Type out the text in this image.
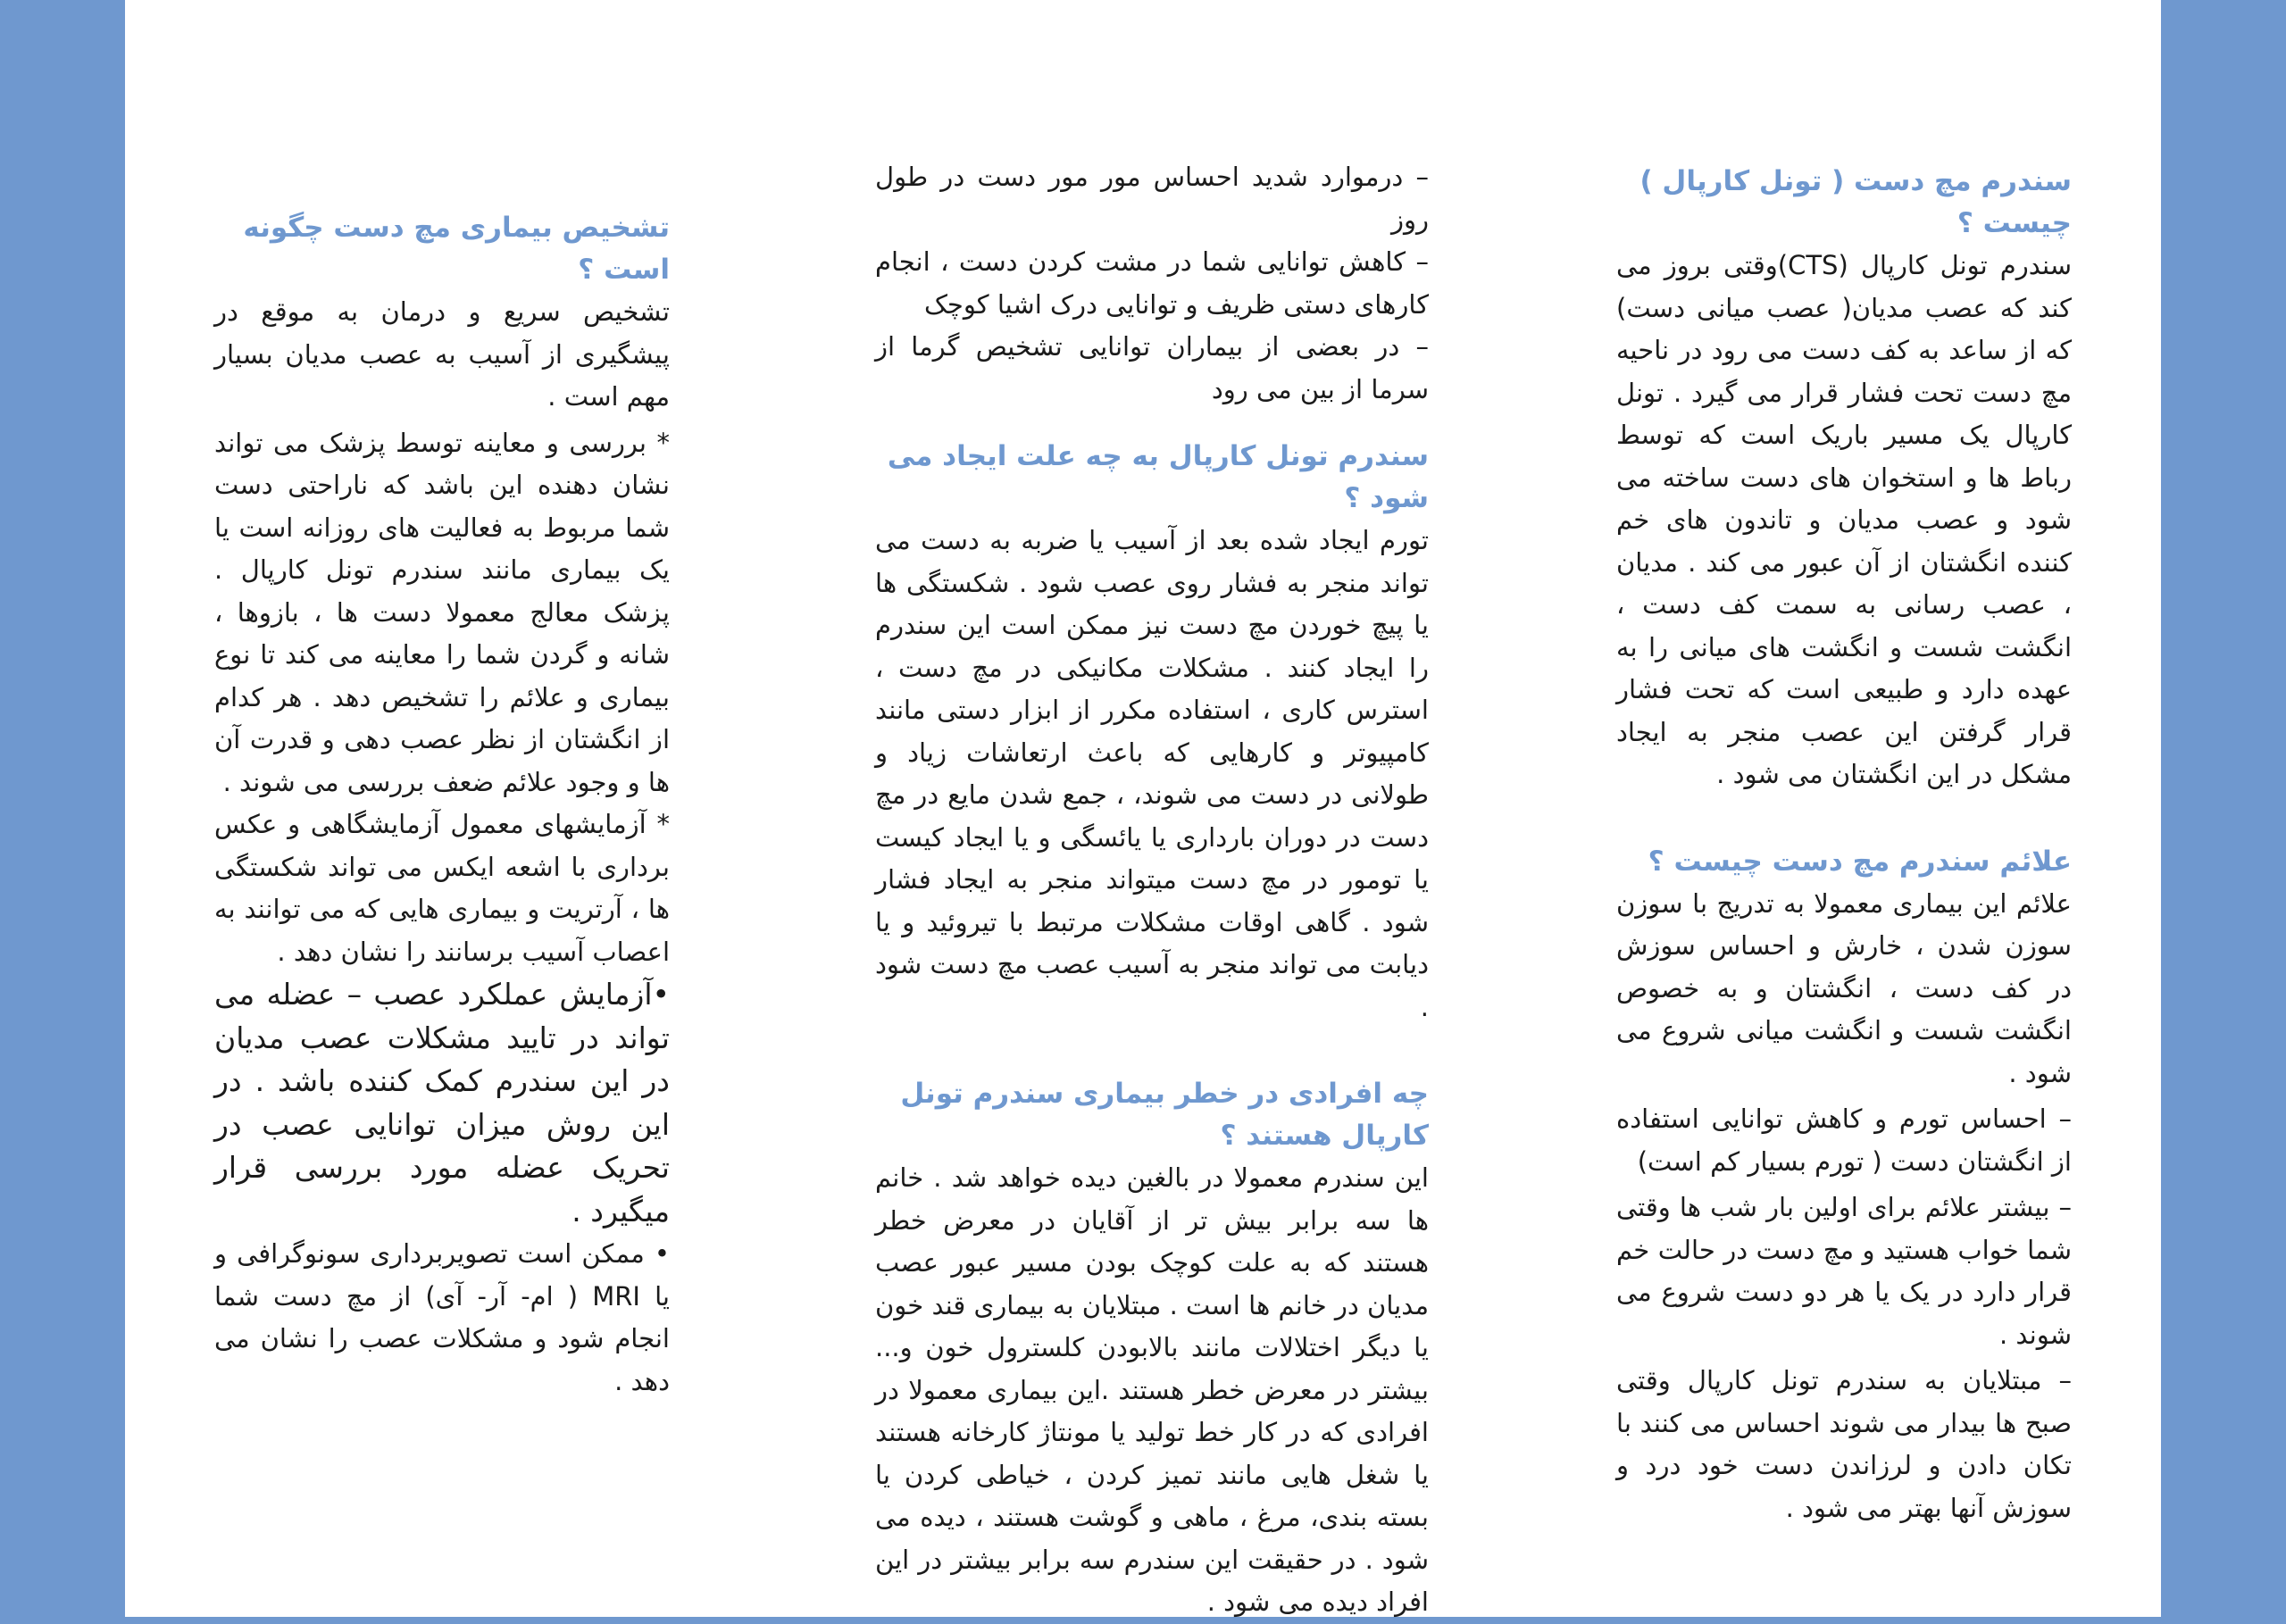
سندرم مچ دست ( تونل کارپال ) چیست ؟

سندرم تونل کارپال (CTS)وقتی بروز می کند که عصب مدیان( عصب میانی دست) که از ساعد به کف دست می رود در ناحیه مچ دست تحت فشار قرار می گیرد . تونل کارپال یک مسیر باریک است که توسط رباط ها و استخوان های دست ساخته می شود و عصب مدیان و تاندون های خم کننده انگشتان از آن عبور می کند . مدیان ، عصب رسانی به سمت کف دست ، انگشت شست و انگشت های میانی را به عهده دارد و طبیعی است که تحت فشار قرار گرفتن این عصب منجر به ایجاد مشکل در این انگشتان می شود .

علائم سندرم مچ دست چیست ؟

علائم این بیماری معمولا به تدریج با سوزن سوزن شدن ، خارش و احساس سوزش در کف دست ، انگشتان و به خصوص انگشت شست و انگشت میانی شروع می شود .

– احساس تورم و کاهش توانایی استفاده از انگشتان دست ( تورم بسیار کم است)

– بیشتر علائم برای اولین بار شب ها وقتی شما خواب هستید و مچ دست در حالت خم قرار دارد در یک یا هر دو دست شروع می شوند .

– مبتلایان به سندرم تونل کارپال وقتی صبح ها بیدار می شوند احساس می کنند با تکان دادن و لرزاندن دست خود درد و سوزش آنها بهتر می شود .

– درموارد شدید احساس مور مور دست در طول روز

– کاهش توانایی شما در مشت کردن دست ، انجام کارهای دستی ظریف و توانایی درک اشیا کوچک

– در بعضی از بیماران توانایی تشخیص گرما از سرما از بین می رود

سندرم تونل کارپال به چه علت ایجاد می شود ؟

تورم ایجاد شده بعد از آسیب یا ضربه به دست می تواند منجر به فشار روی عصب شود . شکستگی ها یا پیچ خوردن مچ دست نیز ممکن است این سندرم را ایجاد کنند . مشکلات مکانیکی در مچ دست ، استرس کاری ، استفاده مکرر از ابزار دستی مانند کامپیوتر و کارهایی که باعث ارتعاشات زیاد و طولانی در دست می شوند، ، جمع شدن مایع در مچ دست در دوران بارداری یا یائسگی و یا ایجاد کیست یا تومور در مچ دست میتواند منجر به ایجاد فشار شود . گاهی اوقات مشکلات مرتبط با تیروئید و یا دیابت می تواند منجر به آسیب عصب مچ دست شود .

چه افرادی در خطر بیماری سندرم تونل کارپال هستند ؟

این سندرم معمولا در بالغین دیده خواهد شد . خانم ها سه برابر بیش تر از آقایان در معرض خطر هستند که به علت کوچک بودن مسیر عبور عصب مدیان در خانم ها است . مبتلایان به بیماری قند خون یا دیگر اختلالات مانند بالابودن کلسترول خون و... بیشتر در معرض خطر هستند .این بیماری معمولا در افرادی که در کار خط تولید یا مونتاژ کارخانه هستند یا شغل هایی مانند تمیز کردن ، خیاطی کردن یا بسته بندی، مرغ ، ماهی و گوشت هستند ، دیده می شود . در حقیقت این سندرم سه برابر بیشتر در این افراد دیده می شود .

تشخیص بیماری مچ دست چگونه است ؟

تشخیص سریع و درمان به موقع در پیشگیری از آسیب به عصب مدیان بسیار مهم است .

* بررسی و معاینه توسط پزشک می تواند نشان دهنده این باشد که ناراحتی دست شما مربوط به فعالیت های روزانه است یا یک بیماری مانند سندرم تونل کارپال . پزشک معالج معمولا دست ها ، بازوها ، شانه و گردن شما را معاینه می کند تا نوع بیماری و علائم را تشخیص دهد . هر کدام از انگشتان از نظر عصب دهی و قدرت آن ها و وجود علائم ضعف بررسی می شوند .

* آزمایشهای معمول آزمایشگاهی و عکس برداری با اشعه ایکس می تواند شکستگی ها ، آرتریت و بیماری هایی که می توانند به اعصاب آسیب برسانند را نشان دهد .

•آزمایش عملکرد عصب – عضله می تواند در تایید مشکلات عصب مدیان در این سندرم کمک کننده باشد . در این روش میزان توانایی عصب در تحریک عضله مورد بررسی قرار میگیرد .

• ممکن است تصویربرداری سونوگرافی و یا MRI ( ام- آر- آی) از مچ دست شما انجام شود و مشکلات عصب را نشان می دهد .
